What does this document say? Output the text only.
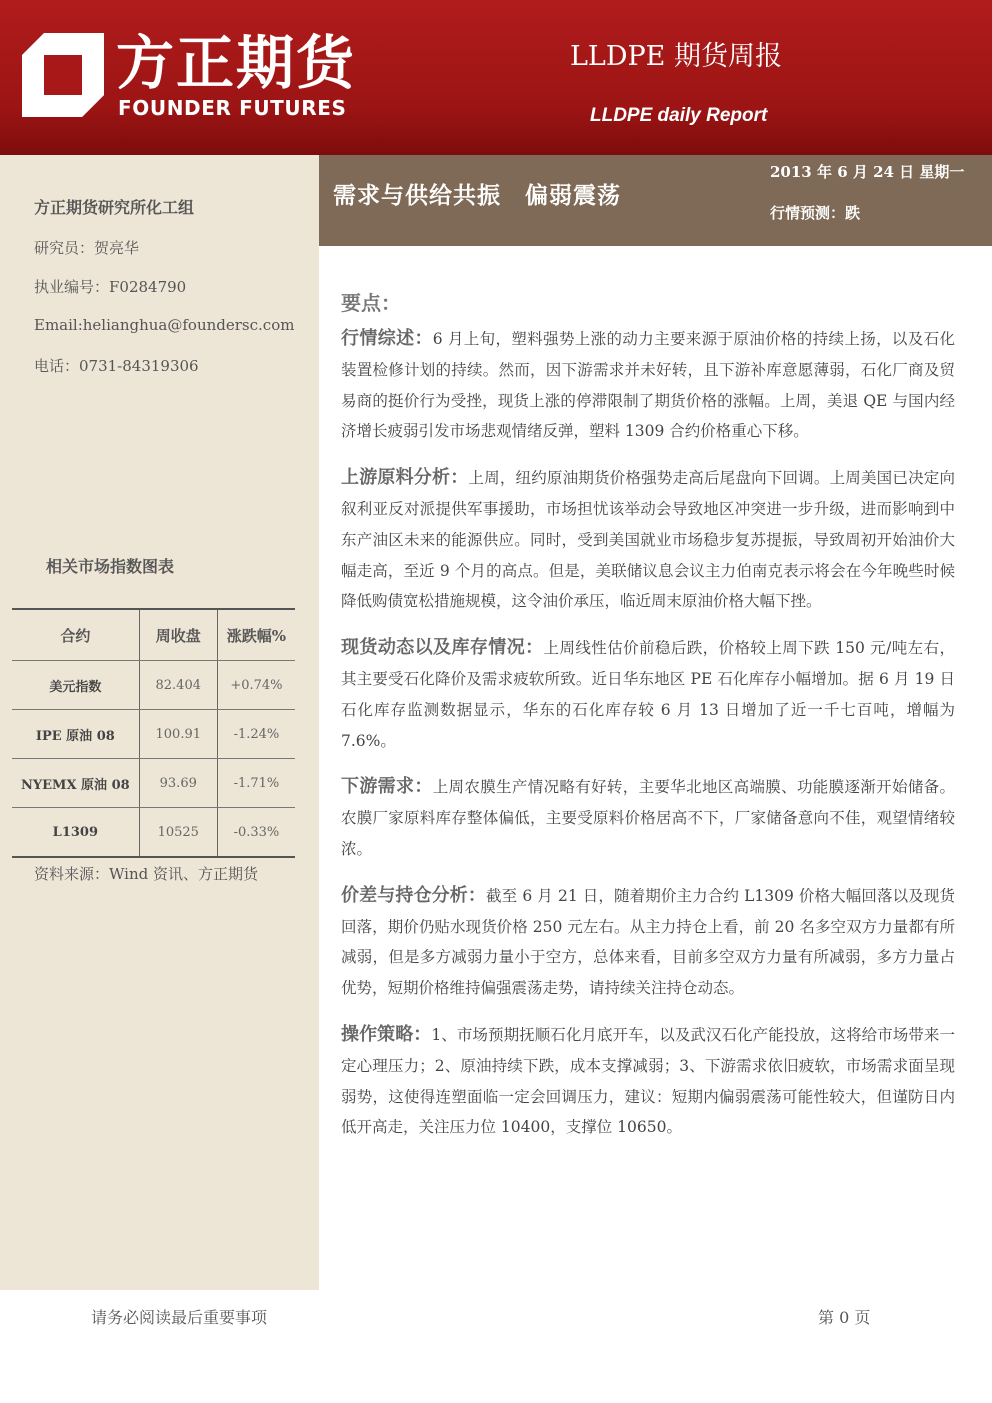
方正期货
FOUNDER FUTURES
LLDPE 期货周报
LLDPE daily Report
需求与供给共振　偏弱震荡
2013 年 6 月 24 日 星期一
行情预测：跌
方正期货研究所化工组
研究员：贺亮华
执业编号：F0284790
Email:helianghua@foundersc.com
电话：0731-84319306
相关市场指数图表
合约	周收盘	涨跌幅%
美元指数	82.404	+0.74%
IPE 原油 08	100.91	-1.24%
NYEMX 原油 08	93.69	-1.71%
L1309	10525	-0.33%
资料来源：Wind 资讯、方正期货
要点：

行情综述：6 月上旬，塑料强势上涨的动力主要来源于原油价格的持续上扬，以及石化装置检修计划的持续。然而，因下游需求并未好转，且下游补库意愿薄弱，石化厂商及贸易商的挺价行为受挫，现货上涨的停滞限制了期货价格的涨幅。上周，美退 QE 与国内经济增长疲弱引发市场悲观情绪反弹，塑料 1309 合约价格重心下移。

上游原料分析：上周，纽约原油期货价格强势走高后尾盘向下回调。上周美国已决定向叙利亚反对派提供军事援助，市场担忧该举动会导致地区冲突进一步升级，进而影响到中东产油区未来的能源供应。同时，受到美国就业市场稳步复苏提振，导致周初开始油价大幅走高，至近 9 个月的高点。但是，美联储议息会议主力伯南克表示将会在今年晚些时候降低购债宽松措施规模，这令油价承压，临近周末原油价格大幅下挫。

现货动态以及库存情况：上周线性估价前稳后跌，价格较上周下跌 150 元/吨左右，其主要受石化降价及需求疲软所致。近日华东地区 PE 石化库存小幅增加。据 6 月 19 日石化库存监测数据显示，华东的石化库存较 6 月 13 日增加了近一千七百吨，增幅为 7.6%。

下游需求：上周农膜生产情况略有好转，主要华北地区高端膜、功能膜逐渐开始储备。农膜厂家原料库存整体偏低，主要受原料价格居高不下，厂家储备意向不佳，观望情绪较浓。

价差与持仓分析：截至 6 月 21 日，随着期价主力合约 L1309 价格大幅回落以及现货回落，期价仍贴水现货价格 250 元左右。从主力持仓上看，前 20 名多空双方力量都有所减弱，但是多方减弱力量小于空方，总体来看，目前多空双方力量有所减弱，多方力量占优势，短期价格维持偏强震荡走势，请持续关注持仓动态。

操作策略：1、市场预期抚顺石化月底开车，以及武汉石化产能投放，这将给市场带来一定心理压力；2、原油持续下跌，成本支撑减弱；3、下游需求依旧疲软，市场需求面呈现弱势，这使得连塑面临一定会回调压力，建议：短期内偏弱震荡可能性较大，但谨防日内低开高走，关注压力位 10400，支撑位 10650。

请务必阅读最后重要事项	第 0 页
